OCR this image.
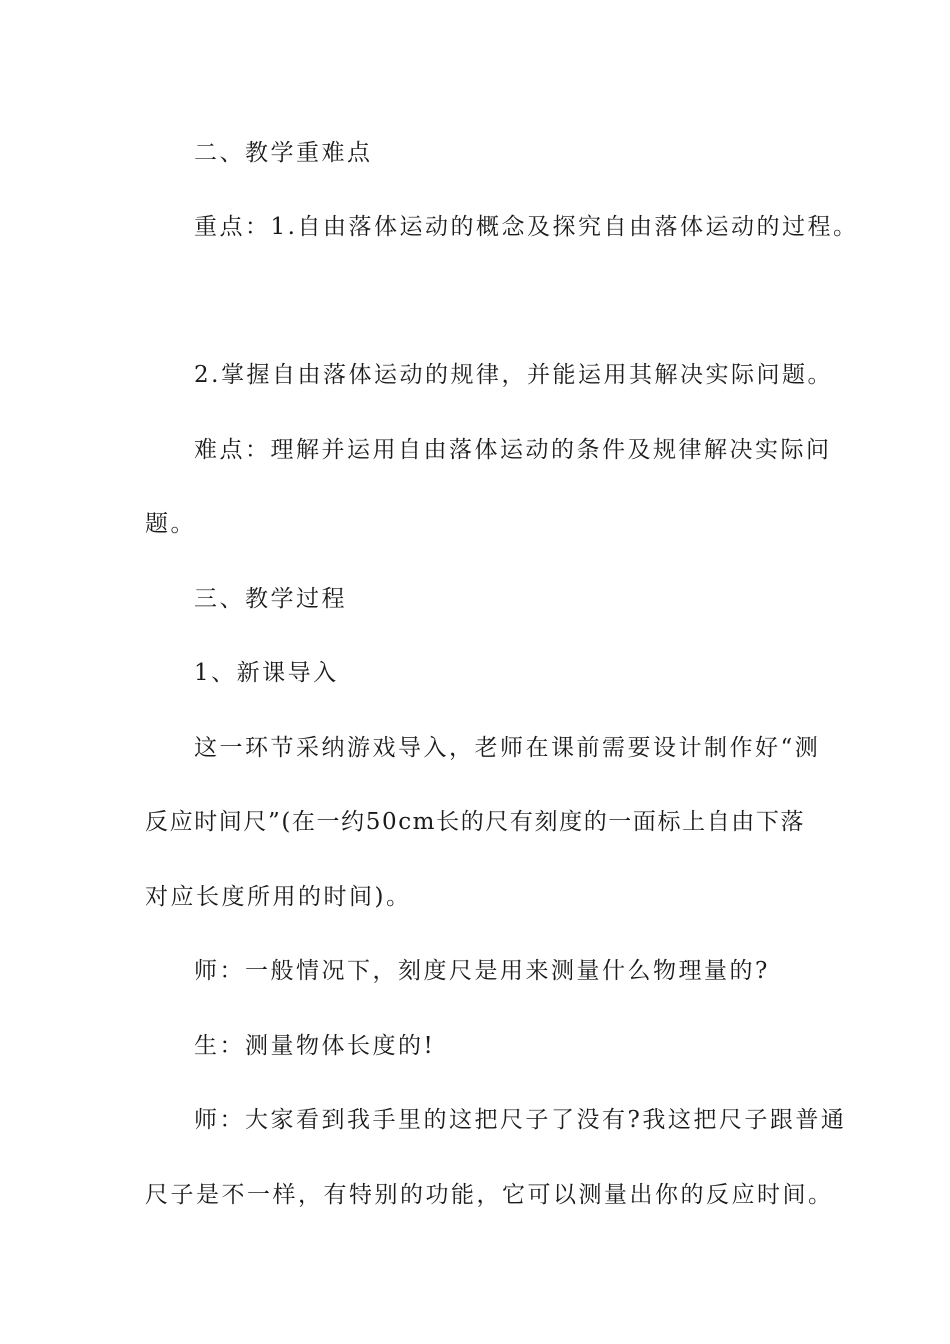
二、教学重难点
重点：1.自由落体运动的概念及探究自由落体运动的过程。
2.掌握自由落体运动的规律，并能运用其解决实际问题。
难点：理解并运用自由落体运动的条件及规律解决实际问
题。
三、教学过程
1、新课导入
这一环节采纳游戏导入，老师在课前需要设计制作好“测
反应时间尺”(在一约50cm长的尺有刻度的一面标上自由下落
对应长度所用的时间)。
师：一般情况下，刻度尺是用来测量什么物理量的?
生：测量物体长度的!
师：大家看到我手里的这把尺子了没有?我这把尺子跟普通
尺子是不一样，有特别的功能，它可以测量出你的反应时间。
